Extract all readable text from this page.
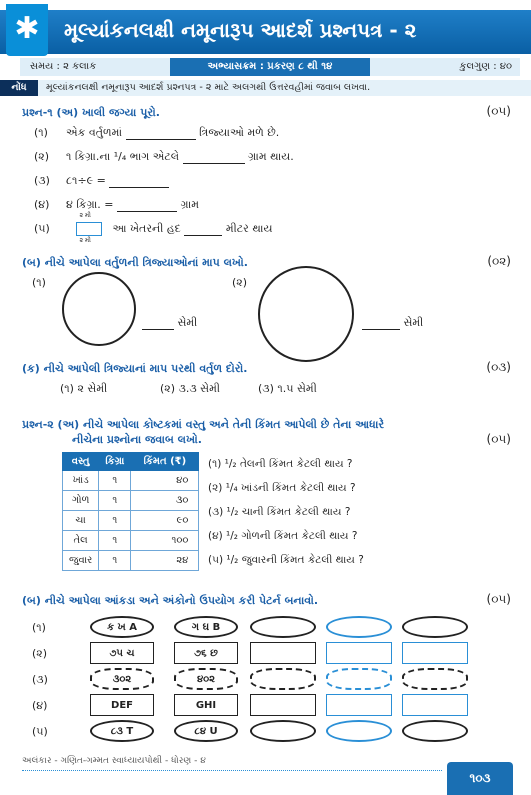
✱	મૂલ્યાંકનલક્ષી નમૂનારૂપ આદર્શ પ્રશ્નપત્ર - ૨
સમય : ૨ કલાક	અભ્યાસક્રમ : પ્રકરણ ૮ થી ૧૪	કુલગુણ : ૪૦
નોંધ	મૂલ્યાંકનલક્ષી નમૂનારૂપ આદર્શ પ્રશ્નપત્ર - ૨ માટે અલગથી ઉત્તરવહીમાં જવાબ લખવા.
પ્રશ્ન-૧ (અ) ખાલી જગ્યા પૂરો.	(૦૫)
(૧) એક વર્તુળમાં	ત્રિજ્યાઓ મળે છે.
(૨) ૧ કિગ્રા.ના ¹/₄ ભાગ એટલે	ગ્રામ થાય.
(૩) ૮૧÷૯ =
(૪) ૪ કિગ્રા. =	ગ્રામ
(૫)
૨ મી
૨ મી
આ ખેતરની હદ	મીટર થાય
(બ) નીચે આપેલા વર્તુળની ત્રિજ્યાઓનાં માપ લખો.	(૦૨)
(૧)
સેમી
(૨)
સેમી
(ક) નીચે આપેલી ત્રિજ્યાનાં માપ પરથી વર્તુળ દોરો.	(૦૩)
(૧) ૨ સેમી	(૨) ૩.૩ સેમી	(૩) ૧.૫ સેમી
પ્રશ્ન-૨ (અ) નીચે આપેલા કોષ્ટકમાં વસ્તુ અને તેની કિંમત આપેલી છે તેના આધારે
નીચેના પ્રશ્નોના જવાબ લખો.	(૦૫)
વસ્તુ	કિગ્રા	કિંમત (₹)
ખાંડ	૧	૪૦
ગોળ	૧	૩૦
ચા	૧	૯૦
તેલ	૧	૧૦૦
જુવાર	૧	૨૪
(૧) ¹/₂ તેલની કિંમત કેટલી થાય ?
(૨) ¹/₄ ખાંડની કિંમત કેટલી થાય ?
(૩) ¹/₂ ચાની કિંમત કેટલી થાય ?
(૪) ¹/₂ ગોળની કિંમત કેટલી થાય ?
(૫) ¹/₂ જુવારની કિંમત કેટલી થાય ?
(બ) નીચે આપેલા આંકડા અને અંકોનો ઉપયોગ કરી પેટર્ન બનાવો.	(૦૫)
(૧)	ક ખ A	ગ ઘ B
(૨)	૭૫ ચ	૭૬ છ
(૩)	૩૦૨	૪૦૨
(૪)	DEF	GHI
(૫)	૮૩ T	૮૪ U
અલંકાર - ગણિત-ગમ્મત સ્વાધ્યાયપોથી - ધોરણ - ૪
૧૦૩
